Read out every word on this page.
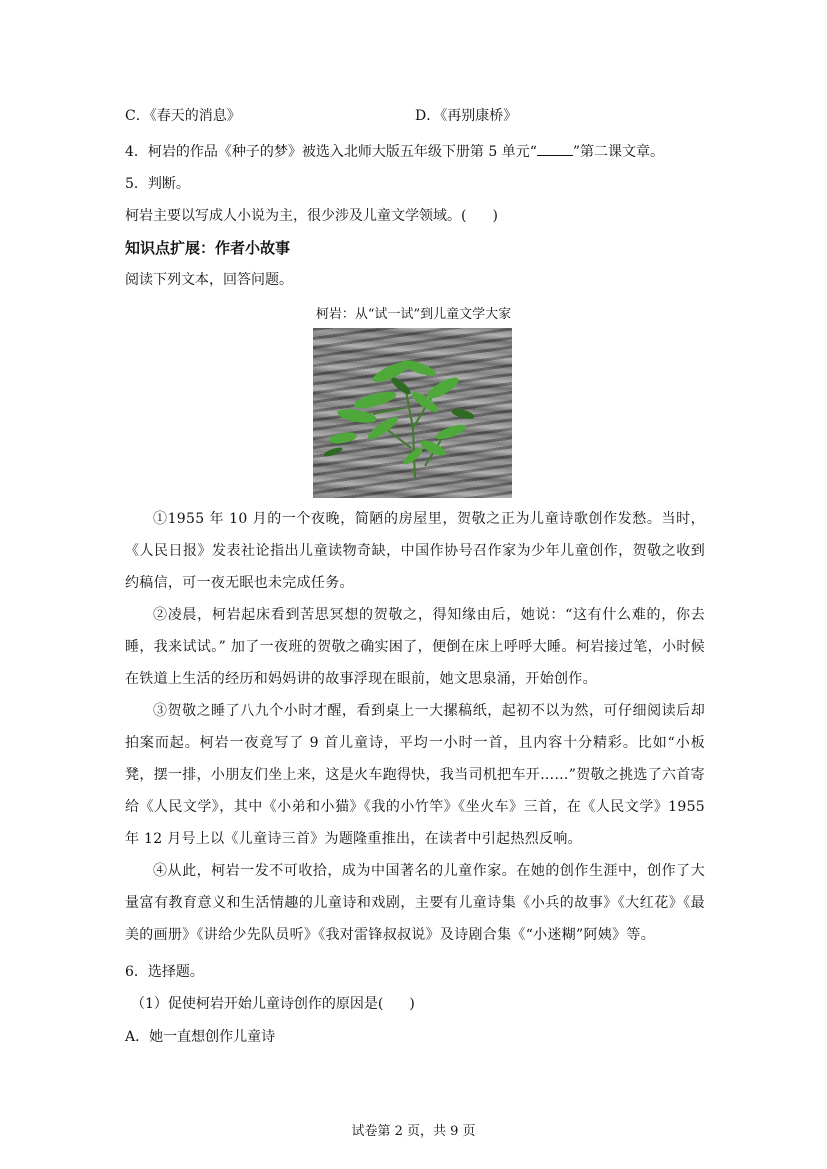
C．《春天的消息》	D．《再别康桥》
4．柯岩的作品《种子的梦》被选入北师大版五年级下册第 5 单元“	”第二课文章。
5．判断。
柯岩主要以写成人小说为主，很少涉及儿童文学领域。( )
知识点扩展：作者小故事
阅读下列文本，回答问题。
柯岩：从“试一试”到儿童文学大家
①1955 年 10 月的一个夜晚，简陋的房屋里，贺敬之正为儿童诗歌创作发愁。当时，《人民日报》发表社论指出儿童读物奇缺，中国作协号召作家为少年儿童创作，贺敬之收到约稿信，可一夜无眠也未完成任务。
②凌晨，柯岩起床看到苦思冥想的贺敬之，得知缘由后，她说：“这有什么难的，你去睡，我来试试。” 加了一夜班的贺敬之确实困了，便倒在床上呼呼大睡。柯岩接过笔，小时候在铁道上生活的经历和妈妈讲的故事浮现在眼前，她文思泉涌，开始创作。
③贺敬之睡了八九个小时才醒，看到桌上一大摞稿纸，起初不以为然，可仔细阅读后却拍案而起。柯岩一夜竟写了 9 首儿童诗，平均一小时一首，且内容十分精彩。比如“小板凳，摆一排，小朋友们坐上来，这是火车跑得快，我当司机把车开……”贺敬之挑选了六首寄给《人民文学》，其中《小弟和小猫》《我的小竹竿》《坐火车》三首，在《人民文学》1955 年 12 月号上以《儿童诗三首》为题隆重推出，在读者中引起热烈反响。
④从此，柯岩一发不可收拾，成为中国著名的儿童作家。在她的创作生涯中，创作了大量富有教育意义和生活情趣的儿童诗和戏剧，主要有儿童诗集《小兵的故事》《大红花》《最美的画册》《讲给少先队员听》《我对雷锋叔叔说》及诗剧合集《“小迷糊”阿姨》等。
6．选择题。
（1）促使柯岩开始儿童诗创作的原因是( )
A．她一直想创作儿童诗
试卷第 2 页，共 9 页
